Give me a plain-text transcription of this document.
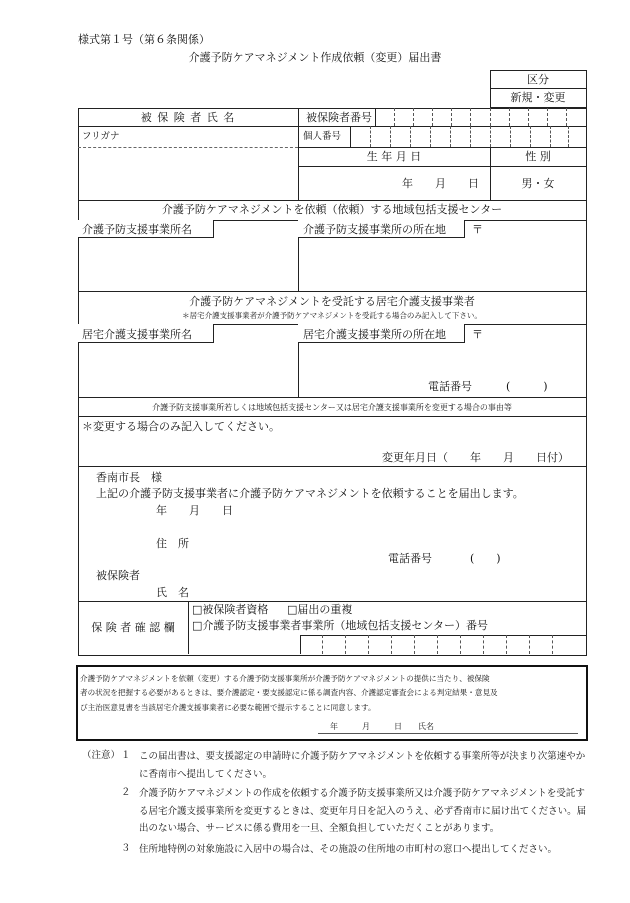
様式第１号（第６条関係）
介護予防ケアマネジメント作成依頼（変更）届出書
区分
新規・変更
被 保 険 者 氏 名	被保険者番号
フリガナ	個人番号
生 年 月 日	性 別
年　　月　　日	男・女
介護予防ケアマネジメントを依頼（依頼）する地域包括支援センター
介護予防支援事業所名	介護予防支援事業所の所在地 〒
介護予防ケアマネジメントを受託する居宅介護支援事業者
＊居宅介護支援事業者が介護予防ケアマネジメントを受託する場合のみ記入して下さい。
居宅介護支援事業所名	居宅介護支援事業所の所在地 〒
電話番号	(　　　)
介護予防支援事業所若しくは地域包括支援センター又は居宅介護支援事業所を変更する場合の事由等
＊変更する場合のみ記入してください。
変更年月日（　　年　　月　　日付）
香南市長　様
上記の介護予防支援事業者に介護予防ケアマネジメントを依頼することを届出します。
年　　月　　日
住　所
電話番号	(　　)
被保険者
氏　名
保 険 者 確 認 欄
□被保険者資格 □届出の重複
□介護予防支援事業者事業所（地域包括支援センター）番号
介護予防ケアマネジメントを依頼（変更）する介護予防支援事業所が介護予防ケアマネジメントの提供に当たり、被保険
者の状況を把握する必要があるときは、要介護認定・要支援認定に係る調査内容、介護認定審査会による判定結果・意見及
び主治医意見書を当該居宅介護支援事業者に必要な範囲で提示することに同意します。
年　　　月　　　日　　氏名
（注意） １ この届出書は、要支援認定の申請時に介護予防ケアマネジメントを依頼する事業所等が決まり次第速やかに香南市へ提出してください。
２ 介護予防ケアマネジメントの作成を依頼する介護予防支援事業所又は介護予防ケアマネジメントを受託する居宅介護支援事業所を変更するときは、変更年月日を記入のうえ、必ず香南市に届け出てください。届出のない場合、サービスに係る費用を一旦、全額負担していただくことがあります。
３ 住所地特例の対象施設に入居中の場合は、その施設の住所地の市町村の窓口へ提出してください。
